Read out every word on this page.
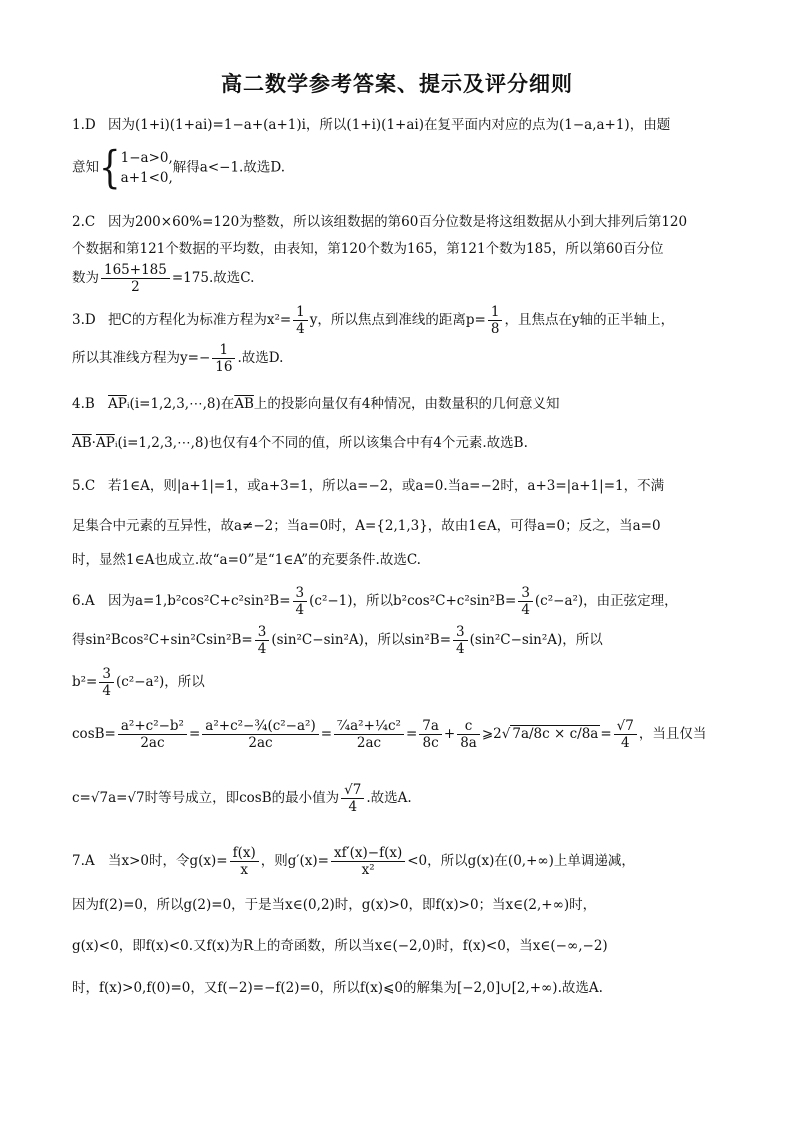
高二数学参考答案、提示及评分细则
1.D 因为(1+i)(1+ai)=1−a+(a+1)i，所以(1+i)(1+ai)在复平面内对应的点为(1−a,a+1)，由题
意知{ 1−a>0,
a+1<0,
解得a<−1.故选D.
2.C 因为200×60%=120为整数，所以该组数据的第60百分位数是将这组数据从小到大排列后第120
个数据和第121个数据的平均数，由表知，第120个数为165，第121个数为185，所以第60百分位
数为 $\frac{165+185}{2} =175$.故选C.
3.D 把C的方程化为标准方程为$x^2= \frac{1}{4}$ y，所以焦点到准线的距离$p= \frac{1}{8}$ ，且焦点在y轴的正半轴上，
所以其准线方程为$y=- \frac{1}{16}$ .故选D.
4.B $\overline{AP}ᵢ(i=1,2,3,\cdots,8)$在$\overline{AB}$上的投影向量仅有4种情况，由数量积的几何意义知
$\overline{AB}\cdot\overline{AP}ᵢ(i=1,2,3,\cdots,8)$也仅有4个不同的值，所以该集合中有4个元素.故选B.
5.C 若1∈A，则|a+1|=1，或a+3=1，所以a=−2，或a=0.当a=−2时，a+3=|a+1|=1，不满
足集合中元素的互异性，故a≠−2；当a=0时，A={2,1,3}，故由1∈A，可得a=0；反之，当a=0
时，显然1∈A也成立.故“a=0”是“1∈A”的充要条件.故选C.
6.A 因为$a=1,b^2\cos^2C+c^2\sin^2B= \frac{3}{4} (c^2-1)$，所以$b^2\cos^2C+c^2\sin^2B= \frac{3}{4} (c^2-a^2)$，由正弦定理，
得$\sin^2Bcos^2C+\sin^2Csin^2B= \frac{3}{4} (\sin^2C-\sin^2A)$，所以$\sin^2B= \frac{3}{4} (\sin^2C-\sin^2A)$，所以
$b^2= \frac{3}{4} (c^2-a^2)$，所以
$\cos B= \frac{\text{a²+c²−b²}}{2ac} = \frac{\text{a²+c²−¾(c²−a²)}}{2ac} = \frac{\text{⁷⁄₄a²+¼c²}}{2ac} = \frac{7a}{8c} + \frac{c}{8a}$ ⩾2√ $7a/8c \times c/8a = \frac{√7}{4}$ ，当且仅当
c=√7a=√7时等号成立，即cosB的最小值为 $\frac{√7}{4}$ .故选A.
7.A 当x>0时，令$g(x)= \frac{f(x)}{x}$ ，则$g'(x)= \frac{xf'(x)-f(x)}{\text{x²}} <0$，所以g(x)在(0,+∞)上单调递减，
因为f(2)=0，所以g(2)=0，于是当x∈(0,2)时，g(x)>0，即f(x)>0；当x∈(2,+∞)时，
g(x)<0，即f(x)<0.又f(x)为R上的奇函数，所以当x∈(−2,0)时，f(x)<0，当x∈(−∞,−2)
时，f(x)>0,f(0)=0，又f(−2)=−f(2)=0，所以f(x)⩽0的解集为[−2,0]∪[2,+∞).故选A.
